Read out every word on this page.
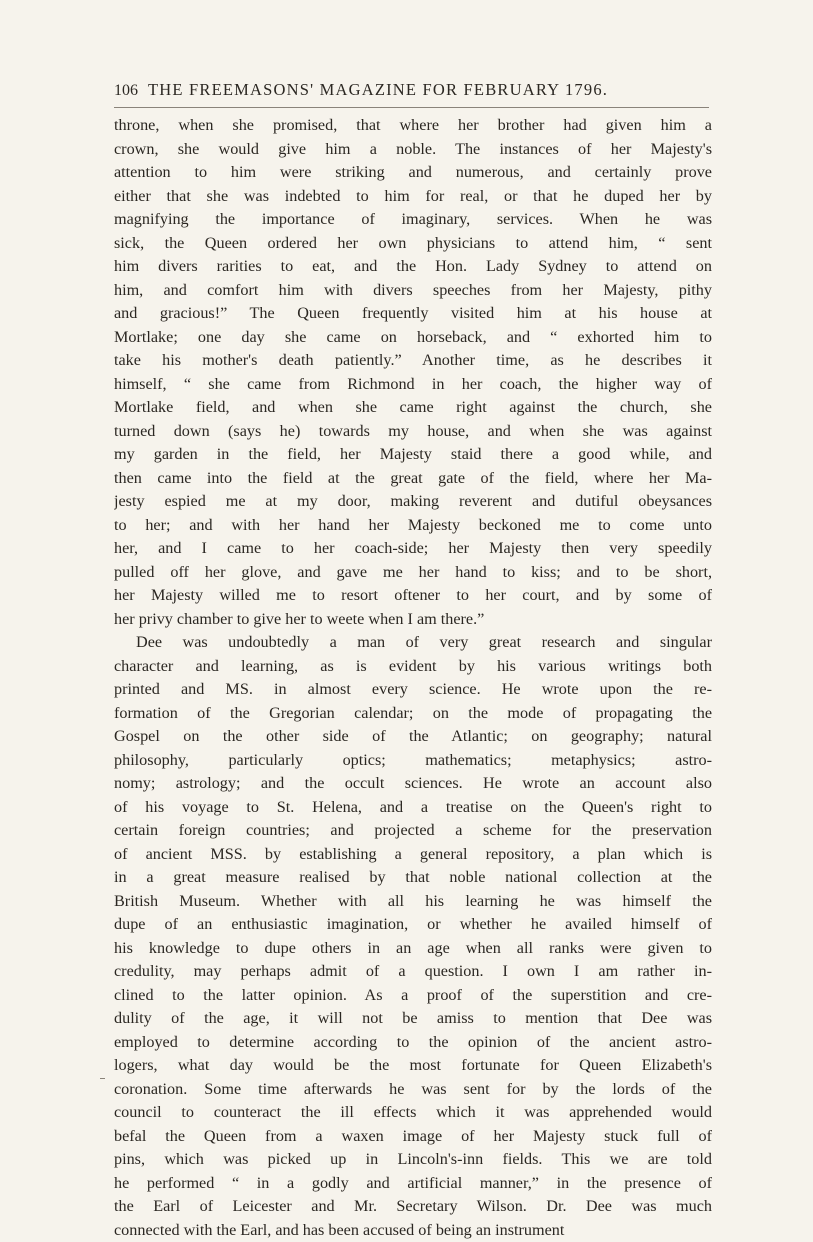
106 THE FREEMASONS' MAGAZINE FOR FEBRUARY 1796.
throne, when she promised, that where her brother had given him a
crown, she would give him a noble. The instances of her Majesty's
attention to him were striking and numerous, and certainly prove
either that she was indebted to him for real, or that he duped her by
magnifying the importance of imaginary, services. When he was
sick, the Queen ordered her own physicians to attend him, “ sent
him divers rarities to eat, and the Hon. Lady Sydney to attend on
him, and comfort him with divers speeches from her Majesty, pithy
and gracious!” The Queen frequently visited him at his house at
Mortlake; one day she came on horseback, and “ exhorted him to
take his mother's death patiently.” Another time, as he describes it
himself, “ she came from Richmond in her coach, the higher way of
Mortlake field, and when she came right against the church, she
turned down (says he) towards my house, and when she was against
my garden in the field, her Majesty staid there a good while, and
then came into the field at the great gate of the field, where her Ma-
jesty espied me at my door, making reverent and dutiful obeysances
to her; and with her hand her Majesty beckoned me to come unto
her, and I came to her coach-side; her Majesty then very speedily
pulled off her glove, and gave me her hand to kiss; and to be short,
her Majesty willed me to resort oftener to her court, and by some of
her privy chamber to give her to weete when I am there.”
Dee was undoubtedly a man of very great research and singular
character and learning, as is evident by his various writings both
printed and MS. in almost every science. He wrote upon the re-
formation of the Gregorian calendar; on the mode of propagating the
Gospel on the other side of the Atlantic; on geography; natural
philosophy, particularly optics; mathematics; metaphysics; astro-
nomy; astrology; and the occult sciences. He wrote an account also
of his voyage to St. Helena, and a treatise on the Queen's right to
certain foreign countries; and projected a scheme for the preservation
of ancient MSS. by establishing a general repository, a plan which is
in a great measure realised by that noble national collection at the
British Museum. Whether with all his learning he was himself the
dupe of an enthusiastic imagination, or whether he availed himself of
his knowledge to dupe others in an age when all ranks were given to
credulity, may perhaps admit of a question. I own I am rather in-
clined to the latter opinion. As a proof of the superstition and cre-
dulity of the age, it will not be amiss to mention that Dee was
employed to determine according to the opinion of the ancient astro-
logers, what day would be the most fortunate for Queen Elizabeth's
coronation. Some time afterwards he was sent for by the lords of the
council to counteract the ill effects which it was apprehended would
befal the Queen from a waxen image of her Majesty stuck full of
pins, which was picked up in Lincoln's-inn fields. This we are told
he performed “ in a godly and artificial manner,” in the presence of
the Earl of Leicester and Mr. Secretary Wilson. Dr. Dee was much
connected with the Earl, and has been accused of being an instrument
